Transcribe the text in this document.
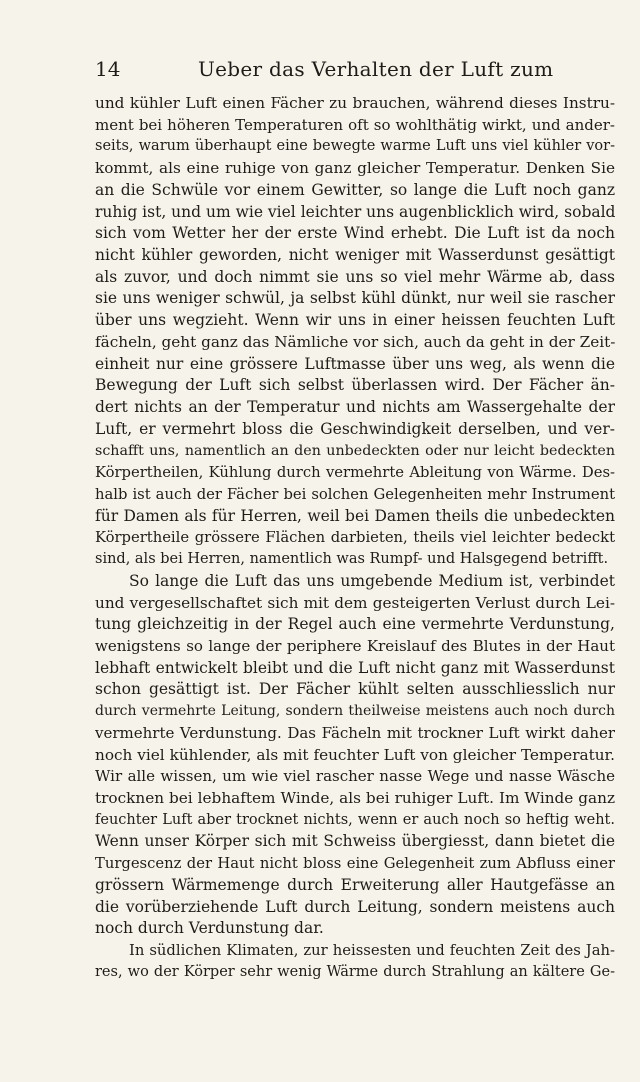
14	Ueber das Verhalten der Luft zum
und kühler Luft einen Fächer zu brauchen, während dieses Instru-
ment bei höheren Temperaturen oft so wohlthätig wirkt, und ander-
seits, warum überhaupt eine bewegte warme Luft uns viel kühler vor-
kommt, als eine ruhige von ganz gleicher Temperatur. Denken Sie
an die Schwüle vor einem Gewitter, so lange die Luft noch ganz
ruhig ist, und um wie viel leichter uns augenblicklich wird, sobald
sich vom Wetter her der erste Wind erhebt. Die Luft ist da noch
nicht kühler geworden, nicht weniger mit Wasserdunst gesättigt
als zuvor, und doch nimmt sie uns so viel mehr Wärme ab, dass
sie uns weniger schwül, ja selbst kühl dünkt, nur weil sie rascher
über uns wegzieht. Wenn wir uns in einer heissen feuchten Luft
fächeln, geht ganz das Nämliche vor sich, auch da geht in der Zeit-
einheit nur eine grössere Luftmasse über uns weg, als wenn die
Bewegung der Luft sich selbst überlassen wird. Der Fächer än-
dert nichts an der Temperatur und nichts am Wassergehalte der
Luft, er vermehrt bloss die Geschwindigkeit derselben, und ver-
schafft uns, namentlich an den unbedeckten oder nur leicht bedeckten
Körpertheilen, Kühlung durch vermehrte Ableitung von Wärme. Des-
halb ist auch der Fächer bei solchen Gelegenheiten mehr Instrument
für Damen als für Herren, weil bei Damen theils die unbedeckten
Körpertheile grössere Flächen darbieten, theils viel leichter bedeckt
sind, als bei Herren, namentlich was Rumpf- und Halsgegend betrifft.
So lange die Luft das uns umgebende Medium ist, verbindet
und vergesellschaftet sich mit dem gesteigerten Verlust durch Lei-
tung gleichzeitig in der Regel auch eine vermehrte Verdunstung,
wenigstens so lange der periphere Kreislauf des Blutes in der Haut
lebhaft entwickelt bleibt und die Luft nicht ganz mit Wasserdunst
schon gesättigt ist. Der Fächer kühlt selten ausschliesslich nur
durch vermehrte Leitung, sondern theilweise meistens auch noch durch
vermehrte Verdunstung. Das Fächeln mit trockner Luft wirkt daher
noch viel kühlender, als mit feuchter Luft von gleicher Temperatur.
Wir alle wissen, um wie viel rascher nasse Wege und nasse Wäsche
trocknen bei lebhaftem Winde, als bei ruhiger Luft. Im Winde ganz
feuchter Luft aber trocknet nichts, wenn er auch noch so heftig weht.
Wenn unser Körper sich mit Schweiss übergiesst, dann bietet die
Turgescenz der Haut nicht bloss eine Gelegenheit zum Abfluss einer
grössern Wärmemenge durch Erweiterung aller Hautgefässe an
die vorüberziehende Luft durch Leitung, sondern meistens auch
noch durch Verdunstung dar.
In südlichen Klimaten, zur heissesten und feuchten Zeit des Jah-
res, wo der Körper sehr wenig Wärme durch Strahlung an kältere Ge-
